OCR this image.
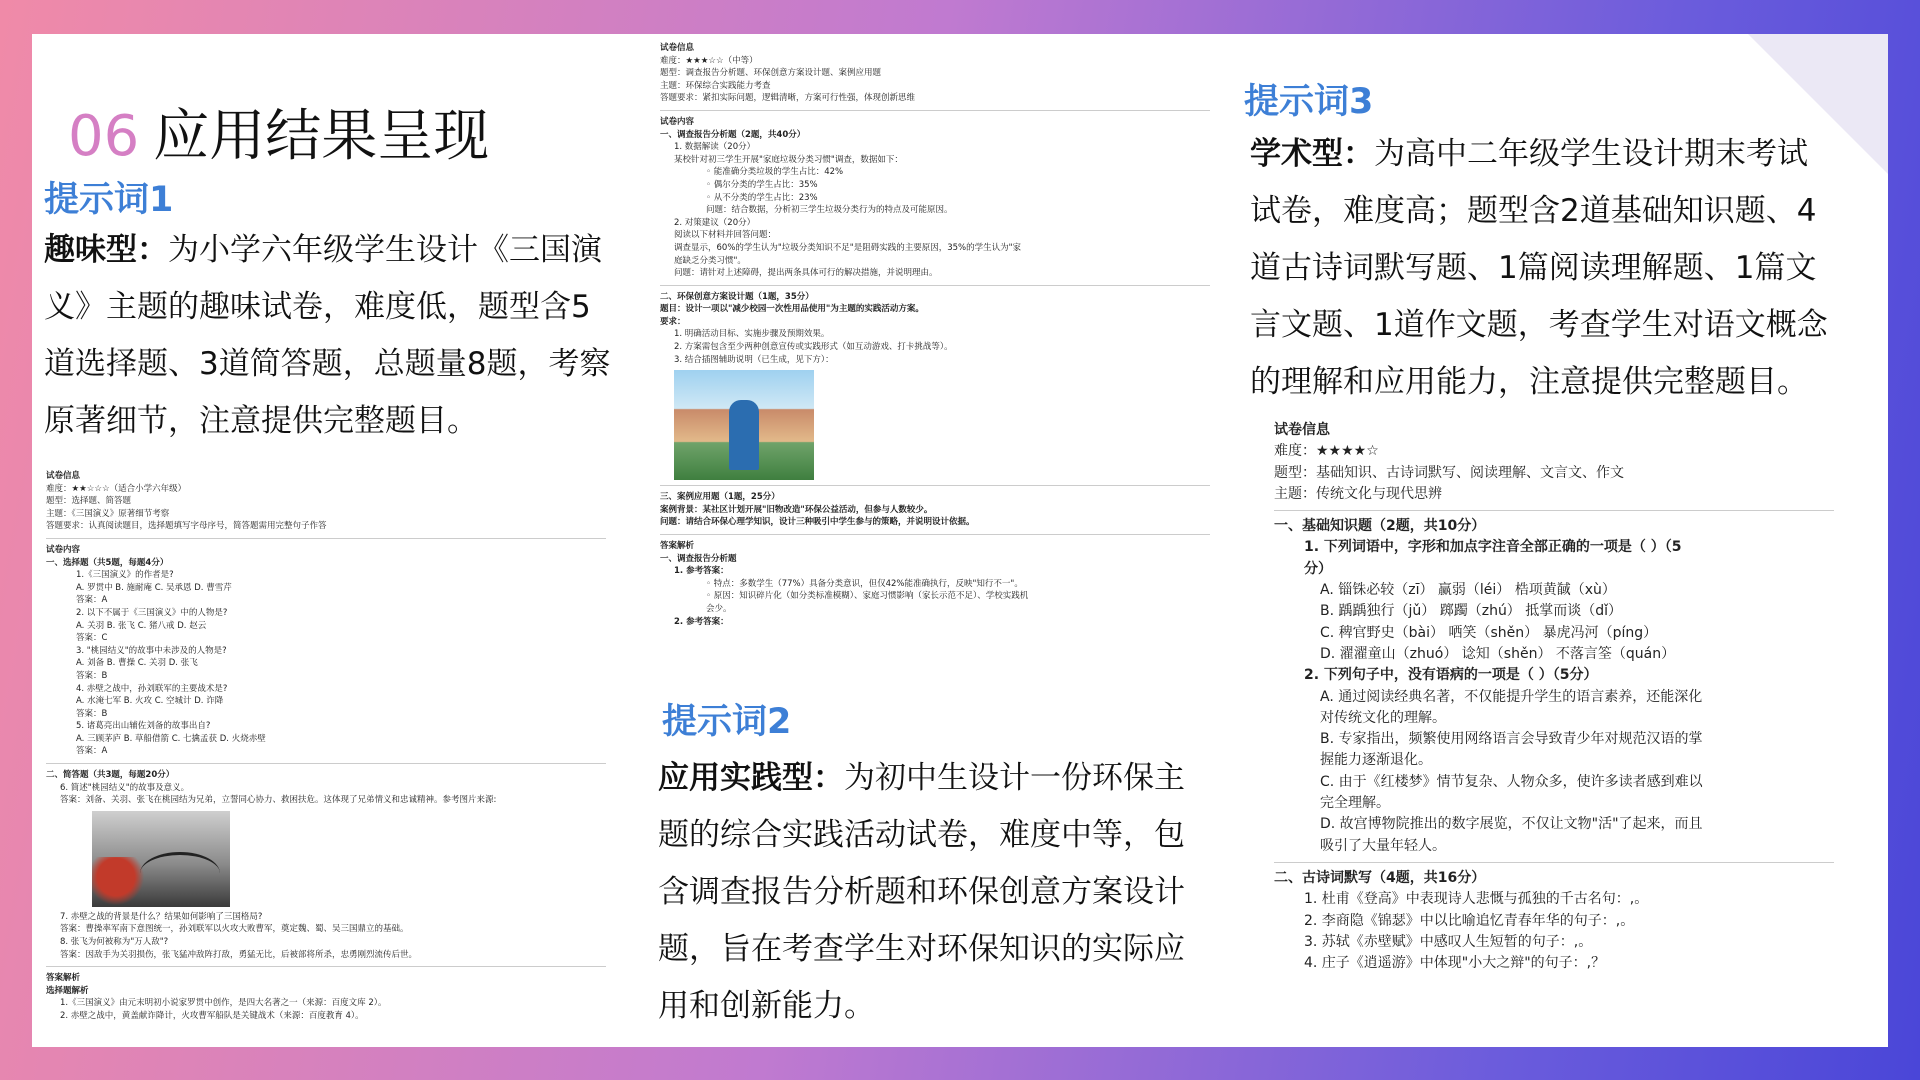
06 应用结果呈现
提示词1
趣味型：为小学六年级学生设计《三国演
义》主题的趣味试卷，难度低，题型含5
道选择题、3道简答题，总题量8题，考察
原著细节，注意提供完整题目。
提示词2
应用实践型：为初中生设计一份环保主
题的综合实践活动试卷，难度中等，包
含调查报告分析题和环保创意方案设计
题，旨在考查学生对环保知识的实际应
用和创新能力。
提示词3
学术型：为高中二年级学生设计期末考试
试卷，难度高；题型含2道基础知识题、4
道古诗词默写题、1篇阅读理解题、1篇文
言文题、1道作文题，考查学生对语文概念
的理解和应用能力，注意提供完整题目。
试卷信息
难度：★★☆☆☆（适合小学六年级）
题型：选择题、简答题
主题：《三国演义》原著细节考察
答题要求：认真阅读题目，选择题填写字母序号，简答题需用完整句子作答
试卷内容
一、选择题（共5题，每题4分）
1.《三国演义》的作者是?
A. 罗贯中 B. 施耐庵 C. 吴承恩 D. 曹雪芹
答案：A
2. 以下不属于《三国演义》中的人物是?
A. 关羽 B. 张飞 C. 猪八戒 D. 赵云
答案：C
3. "桃园结义"的故事中未涉及的人物是?
A. 刘备 B. 曹操 C. 关羽 D. 张飞
答案：B
4. 赤壁之战中，孙刘联军的主要战术是?
A. 水淹七军 B. 火攻 C. 空城计 D. 诈降
答案：B
5. 诸葛亮出山辅佐刘备的故事出自?
A. 三顾茅庐 B. 草船借箭 C. 七擒孟获 D. 火烧赤壁
答案：A
二、简答题（共3题，每题20分）
6. 简述"桃园结义"的故事及意义。
答案：刘备、关羽、张飞在桃园结为兄弟，立誓同心协力、救困扶危。这体现了兄弟情义和忠诚精神。参考图片来源:
7. 赤壁之战的背景是什么？结果如何影响了三国格局?
答案：曹操率军南下意图统一，孙刘联军以火攻大败曹军，奠定魏、蜀、吴三国鼎立的基础。
8. 张飞为何被称为"万人敌"?
答案：因敌手为关羽损伤，张飞猛冲敌阵打敌，勇猛无比，后被部将所杀，忠勇刚烈流传后世。
答案解析
选择题解析
1.《三国演义》由元末明初小说家罗贯中创作，是四大名著之一（来源：百度文库 2）。
2. 赤壁之战中，黄盖献诈降计，火攻曹军船队是关键战术（来源：百度教育 4）。
试卷信息
难度：★★★☆☆（中等）
题型：调查报告分析题、环保创意方案设计题、案例应用题
主题：环保综合实践能力考查
答题要求：紧扣实际问题，逻辑清晰，方案可行性强，体现创新思维
试卷内容
一、调查报告分析题（2题，共40分）
1. 数据解读（20分）
某校针对初三学生开展"家庭垃圾分类习惯"调查，数据如下：
◦ 能准确分类垃圾的学生占比：42%
◦ 偶尔分类的学生占比：35%
◦ 从不分类的学生占比：23%
问题：结合数据，分析初三学生垃圾分类行为的特点及可能原因。
2. 对策建议（20分）
阅读以下材料并回答问题：
调查显示，60%的学生认为"垃圾分类知识不足"是阻碍实践的主要原因，35%的学生认为"家
庭缺乏分类习惯"。
问题：请针对上述障碍，提出两条具体可行的解决措施，并说明理由。
二、环保创意方案设计题（1题，35分）
题目：设计一项以"减少校园一次性用品使用"为主题的实践活动方案。
要求：
1. 明确活动目标、实施步骤及预期效果。
2. 方案需包含至少两种创意宣传或实践形式（如互动游戏、打卡挑战等）。
3. 结合插图辅助说明（已生成，见下方）：
三、案例应用题（1题，25分）
案例背景：某社区计划开展"旧物改造"环保公益活动，但参与人数较少。
问题：请结合环保心理学知识，设计三种吸引中学生参与的策略，并说明设计依据。
答案解析
一、调查报告分析题
1. 参考答案：
◦ 特点：多数学生（77%）具备分类意识，但仅42%能准确执行，反映"知行不一"。
◦ 原因：知识碎片化（如分类标准模糊）、家庭习惯影响（家长示范不足）、学校实践机
会少。
2. 参考答案：
试卷信息
难度：★★★★☆
题型：基础知识、古诗词默写、阅读理解、文言文、作文
主题：传统文化与现代思辨
一、基础知识题（2题，共10分）
1. 下列词语中，字形和加点字注音全部正确的一项是（ ）（5
分）
A. 锱铢必较（zī） 赢弱（léi） 梏项黄馘（xù）
B. 踽踽独行（jǔ） 踯躅（zhú） 抵掌而谈（dǐ）
C. 稗官野史（bài） 哂笑（shěn） 暴虎冯河（píng）
D. 濯濯童山（zhuó） 谂知（shěn） 不落言筌（quán）
2. 下列句子中，没有语病的一项是（ ）（5分）
A. 通过阅读经典名著，不仅能提升学生的语言素养，还能深化
对传统文化的理解。
B. 专家指出，频繁使用网络语言会导致青少年对规范汉语的掌
握能力逐渐退化。
C. 由于《红楼梦》情节复杂、人物众多，使许多读者感到难以
完全理解。
D. 故宫博物院推出的数字展览，不仅让文物"活"了起来，而且
吸引了大量年轻人。
二、古诗词默写（4题，共16分）
1. 杜甫《登高》中表现诗人悲慨与孤独的千古名句：,。
2. 李商隐《锦瑟》中以比喻追忆青春年华的句子：,。
3. 苏轼《赤壁赋》中感叹人生短暂的句子：,。
4. 庄子《逍遥游》中体现"小大之辩"的句子：,？
